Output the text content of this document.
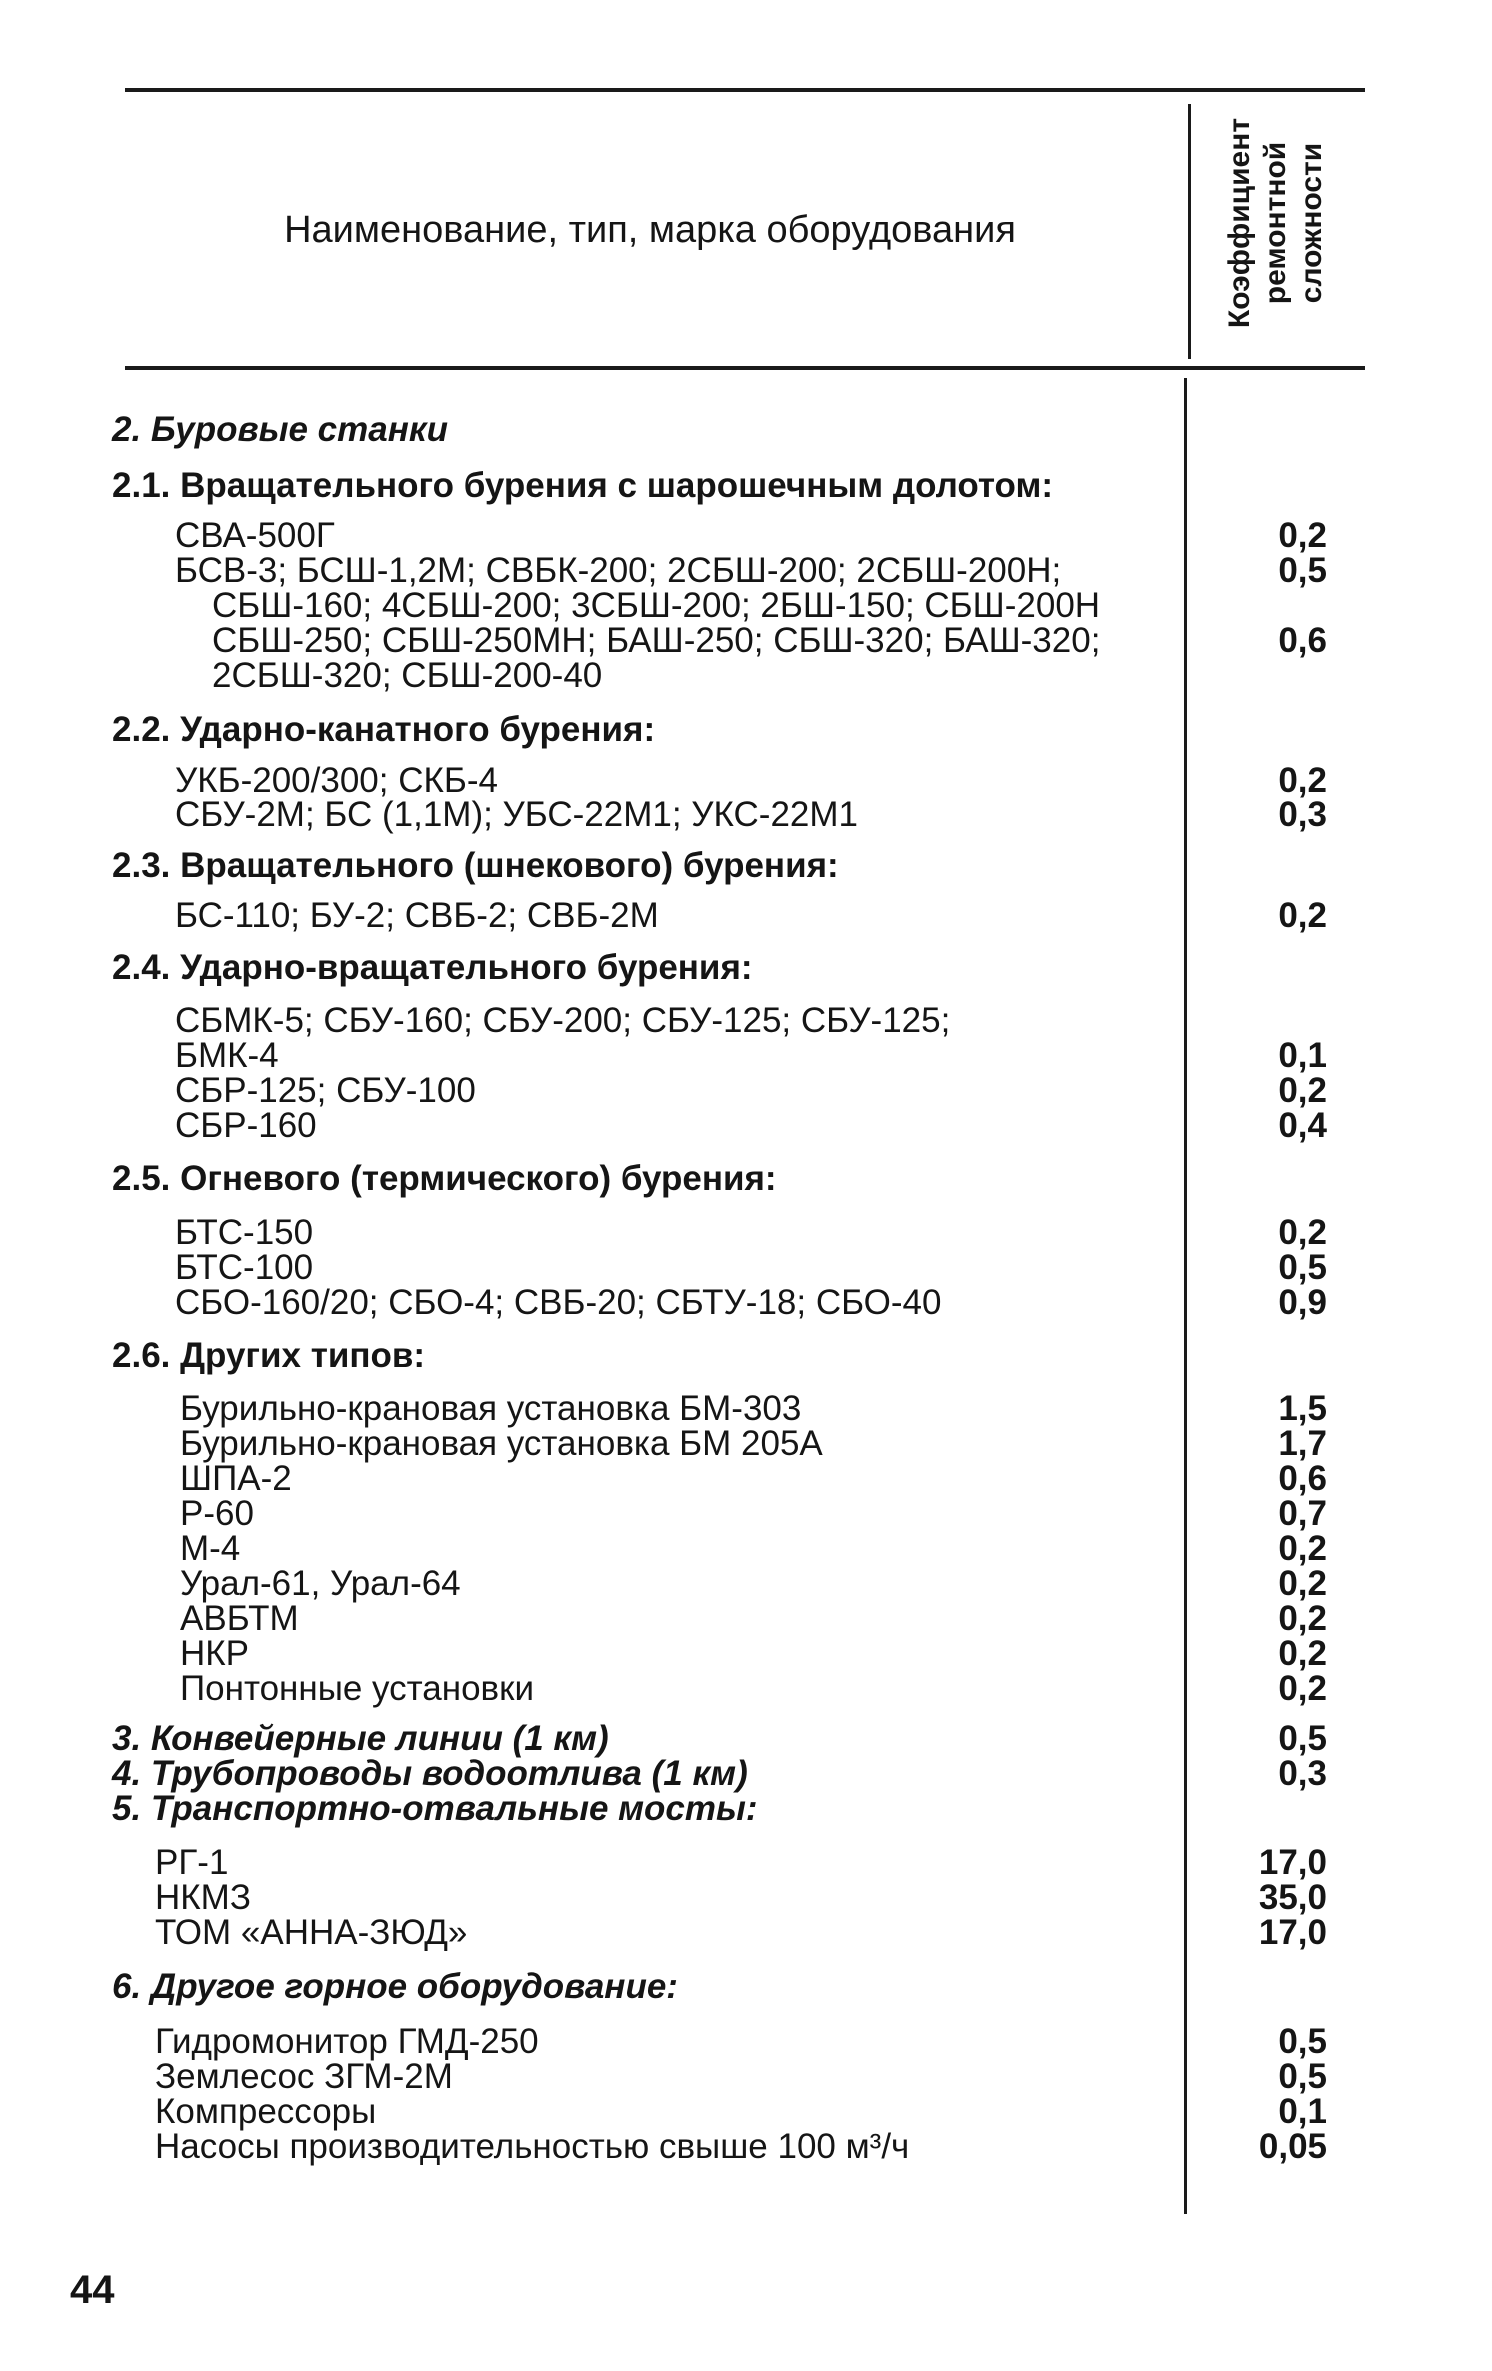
Наименование, тип, марка оборудования	Коэффициент ремонтной сложности
2. Буровые станки
2.1. Вращательного бурения с шарошечным долотом:
СВА-500Г	0,2
БСВ-3; БСШ-1,2М; СВБК-200; 2СБШ-200; 2СБШ-200Н;	0,5
СБШ-160; 4СБШ-200; 3СБШ-200; 2БШ-150; СБШ-200Н
СБШ-250; СБШ-250МН; БАШ-250; СБШ-320; БАШ-320;	0,6
2СБШ-320; СБШ-200-40
2.2. Ударно-канатного бурения:
УКБ-200/300; СКБ-4	0,2
СБУ-2М; БС (1,1М); УБС-22М1; УКС-22М1	0,3
2.3. Вращательного (шнекового) бурения:
БС-110; БУ-2; СВБ-2; СВБ-2М	0,2
2.4. Ударно-вращательного бурения:
СБМК-5; СБУ-160; СБУ-200; СБУ-125; СБУ-125;
БМК-4	0,1
СБР-125; СБУ-100	0,2
СБР-160	0,4
2.5. Огневого (термического) бурения:
БТС-150	0,2
БТС-100	0,5
СБО-160/20; СБО-4; СВБ-20; СБТУ-18; СБО-40	0,9
2.6. Других типов:
Бурильно-крановая установка БМ-303	1,5
Бурильно-крановая установка БМ 205А	1,7
ШПА-2	0,6
Р-60	0,7
М-4	0,2
Урал-61, Урал-64	0,2
АВБТМ	0,2
НКР	0,2
Понтонные установки	0,2
3. Конвейерные линии (1 км)	0,5
4. Трубопроводы водоотлива (1 км)	0,3
5. Транспортно-отвальные мосты:
РГ-1	17,0
НКМЗ	35,0
ТОМ «АННА-ЗЮД»	17,0
6. Другое горное оборудование:
Гидромонитор ГМД-250	0,5
Землесос ЗГМ-2М	0,5
Компрессоры	0,1
Насосы производительностью свыше 100 м³/ч	0,05
44
